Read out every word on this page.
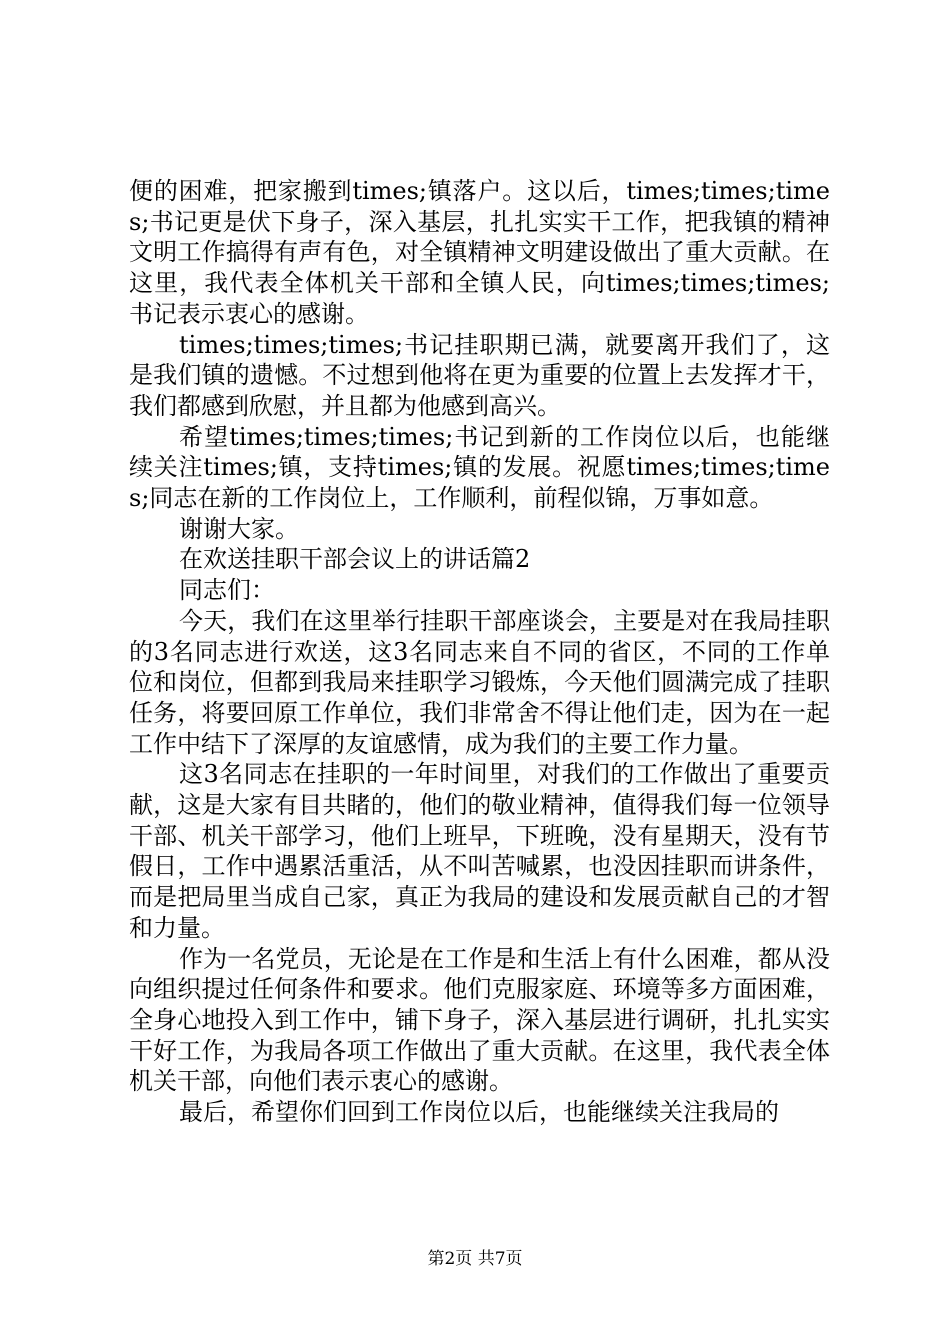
便的困难，把家搬到times;镇落户。这以后，times;times;times;书记更是伏下身子，深入基层，扎扎实实干工作，把我镇的精神文明工作搞得有声有色，对全镇精神文明建设做出了重大贡献。在这里，我代表全体机关干部和全镇人民，向times;times;times;书记表示衷心的感谢。

times;times;times;书记挂职期已满，就要离开我们了，这是我们镇的遗憾。不过想到他将在更为重要的位置上去发挥才干，我们都感到欣慰，并且都为他感到高兴。

希望times;times;times;书记到新的工作岗位以后，也能继续关注times;镇，支持times;镇的发展。祝愿times;times;times;同志在新的工作岗位上，工作顺利，前程似锦，万事如意。

谢谢大家。

在欢送挂职干部会议上的讲话篇2

同志们：

今天，我们在这里举行挂职干部座谈会，主要是对在我局挂职的3名同志进行欢送，这3名同志来自不同的省区，不同的工作单位和岗位，但都到我局来挂职学习锻炼，今天他们圆满完成了挂职任务，将要回原工作单位，我们非常舍不得让他们走，因为在一起工作中结下了深厚的友谊感情，成为我们的主要工作力量。

这3名同志在挂职的一年时间里，对我们的工作做出了重要贡献，这是大家有目共睹的，他们的敬业精神，值得我们每一位领导干部、机关干部学习，他们上班早，下班晚，没有星期天，没有节假日，工作中遇累活重活，从不叫苦喊累，也没因挂职而讲条件，而是把局里当成自己家，真正为我局的建设和发展贡献自己的才智和力量。

作为一名党员，无论是在工作是和生活上有什么困难，都从没向组织提过任何条件和要求。他们克服家庭、环境等多方面困难，全身心地投入到工作中，铺下身子，深入基层进行调研，扎扎实实干好工作，为我局各项工作做出了重大贡献。在这里，我代表全体机关干部，向他们表示衷心的感谢。

最后，希望你们回到工作岗位以后，也能继续关注我局的

第2页 共7页
